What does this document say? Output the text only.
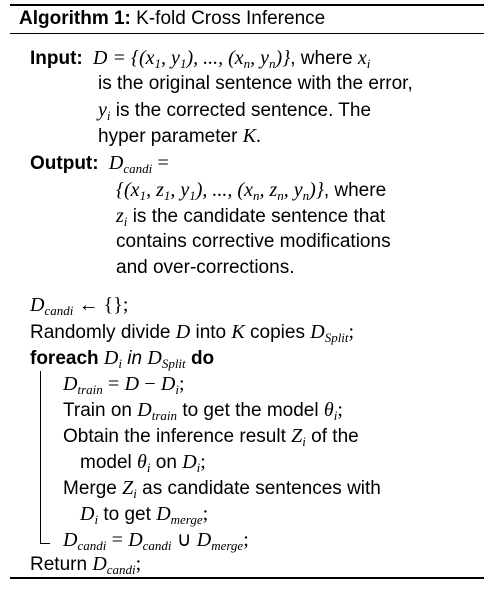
Algorithm 1: K-fold Cross Inference
Input:  $D = \{(x_1$, $y_1$), ..., ($x_n$, $y_n$)}, where $x_i$
is the original sentence with the error,
$y_i$ is the corrected sentence. The
hyper parameter K.
Output:  $D_{candi}$ =
{($x_1$, $z_1$, $y_1$), ..., ($x_n$, $z_n$, $y_n$)}, where
$z_i$ is the candidate sentence that
contains corrective modifications
and over-corrections.
$D_{candi}$ ← {};
Randomly divide D into K copies $D_{Split}$;
foreach $D_i$ in $D_{Split}$ do
$D_{train} = D - D_i$;
Train on $D_{train}$ to get the model $\theta_i$;
Obtain the inference result $Z_i$ of the
model $\theta_i$ on $D_i$;
Merge $Z_i$ as candidate sentences with
$D_i$ to get $D_{merge}$;
$D_{candi} = D_{candi}$ ∪ $D_{merge}$;
Return $D_{candi}$;
